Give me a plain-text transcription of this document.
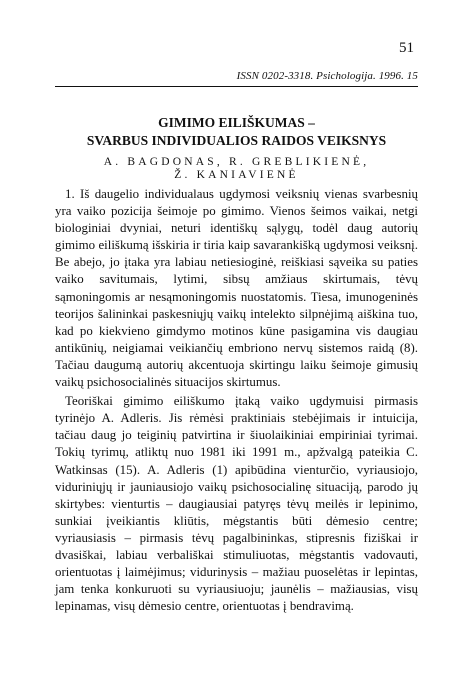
51
ISSN 0202-3318. Psichologija. 1996. 15
GIMIMO EILIŠKUMAS –
SVARBUS INDIVIDUALIOS RAIDOS VEIKSNYS
A. BAGDONAS, R. GREBLIKIENĖ,
Ž. KANIAVIENĖ

1. Iš daugelio individualaus ugdymosi veiksnių vienas svarbesnių yra vaiko pozicija šeimoje po gimimo. Vienos šeimos vaikai, netgi biologiniai dvyniai, neturi identiškų sąlygų, todėl daug autorių gimimo eiliškumą išskiria ir tiria kaip savarankišką ugdymosi veiksnį. Be abejo, jo įtaka yra labiau netiesioginė, reiškiasi sąveika su paties vaiko savitumais, lytimi, sibsų amžiaus skirtumais, tėvų sąmoningomis ar nesąmoningomis nuostatomis. Tiesa, imunogeninės teorijos šalininkai paskesniųjų vaikų intelekto silpnėjimą aiškina tuo, kad po kiekvieno gimdymo motinos kūne pasigamina vis daugiau antikūnių, neigiamai veikiančių embriono nervų sistemos raidą (8). Tačiau daugumą autorių akcentuoja skirtingu laiku šeimoje gimusių vaikų psichosocialinės situacijos skirtumus.

Teoriškai gimimo eiliškumo įtaką vaiko ugdymuisi pirmasis tyrinėjo A. Adleris. Jis rėmėsi praktiniais stebėjimais ir intuicija, tačiau daug jo teiginių patvirtina ir šiuolaikiniai empiriniai tyrimai. Tokių tyrimų, atliktų nuo 1981 iki 1991 m., apžvalgą pateikia C. Watkinsas (15). A. Adleris (1) apibūdina vienturčio, vyriausiojo, viduriniųjų ir jauniausiojo vaikų psichosocialinę situaciją, parodo jų skirtybes: vienturtis – daugiausiai patyręs tėvų meilės ir lepinimo, sunkiai įveikiantis kliūtis, mėgstantis būti dėmesio centre; vyriausiasis – pirmasis tėvų pagalbininkas, stipresnis fiziškai ir dvasiškai, labiau verbališkai stimuliuotas, mėgstantis vadovauti, orientuotas į laimėjimus; vidurinysis – mažiau puoselėtas ir lepintas, jam tenka konkuruoti su vyriausiuoju; jaunėlis – mažiausias, visų lepinamas, visų dėmesio centre, orientuotas į bendravimą.
